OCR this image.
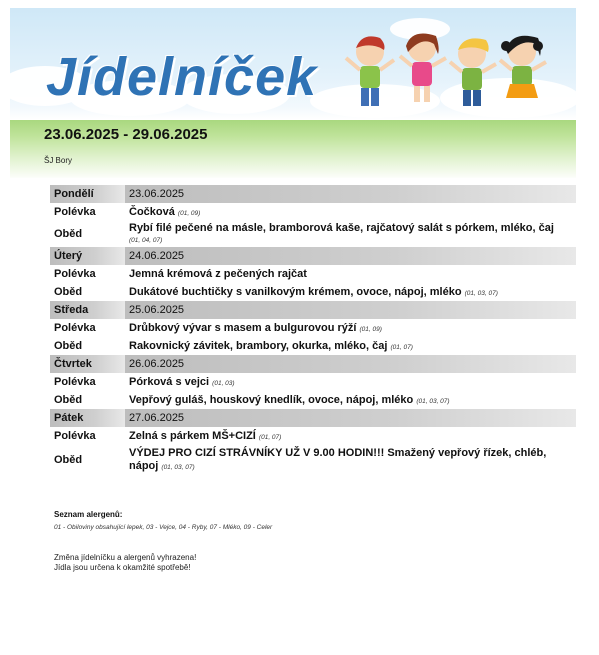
Jídelníček
23.06.2025 - 29.06.2025
ŠJ Bory
Pondělí	23.06.2025
Polévka	Čočková (01, 09)
Oběd	Rybí filé pečené na másle, bramborová kaše, rajčatový salát s pórkem, mléko, čaj
(01, 04, 07)
Úterý	24.06.2025
Polévka	Jemná krémová z pečených rajčat
Oběd	Dukátové buchtičky s vanilkovým krémem, ovoce, nápoj, mléko (01, 03, 07)
Středa	25.06.2025
Polévka	Drůbkový vývar s masem a bulgurovou rýží (01, 09)
Oběd	Rakovnický závitek, brambory, okurka, mléko, čaj (01, 07)
Čtvrtek	26.06.2025
Polévka	Pórková s vejci (01, 03)
Oběd	Vepřový guláš, houskový knedlík, ovoce, nápoj, mléko (01, 03, 07)
Pátek	27.06.2025
Polévka	Zelná s párkem MŠ+CIZÍ (01, 07)
Oběd	VÝDEJ PRO CIZÍ STRÁVNÍKY UŽ V 9.00 HODIN!!! Smažený vepřový řízek, chléb, nápoj (01, 03, 07)
Seznam alergenů:
01 - Obiloviny obsahující lepek, 03 - Vejce, 04 - Ryby, 07 - Mléko, 09 - Celer
Změna jídelníčku a alergenů vyhrazena!
Jídla jsou určena k okamžité spotřebě!
